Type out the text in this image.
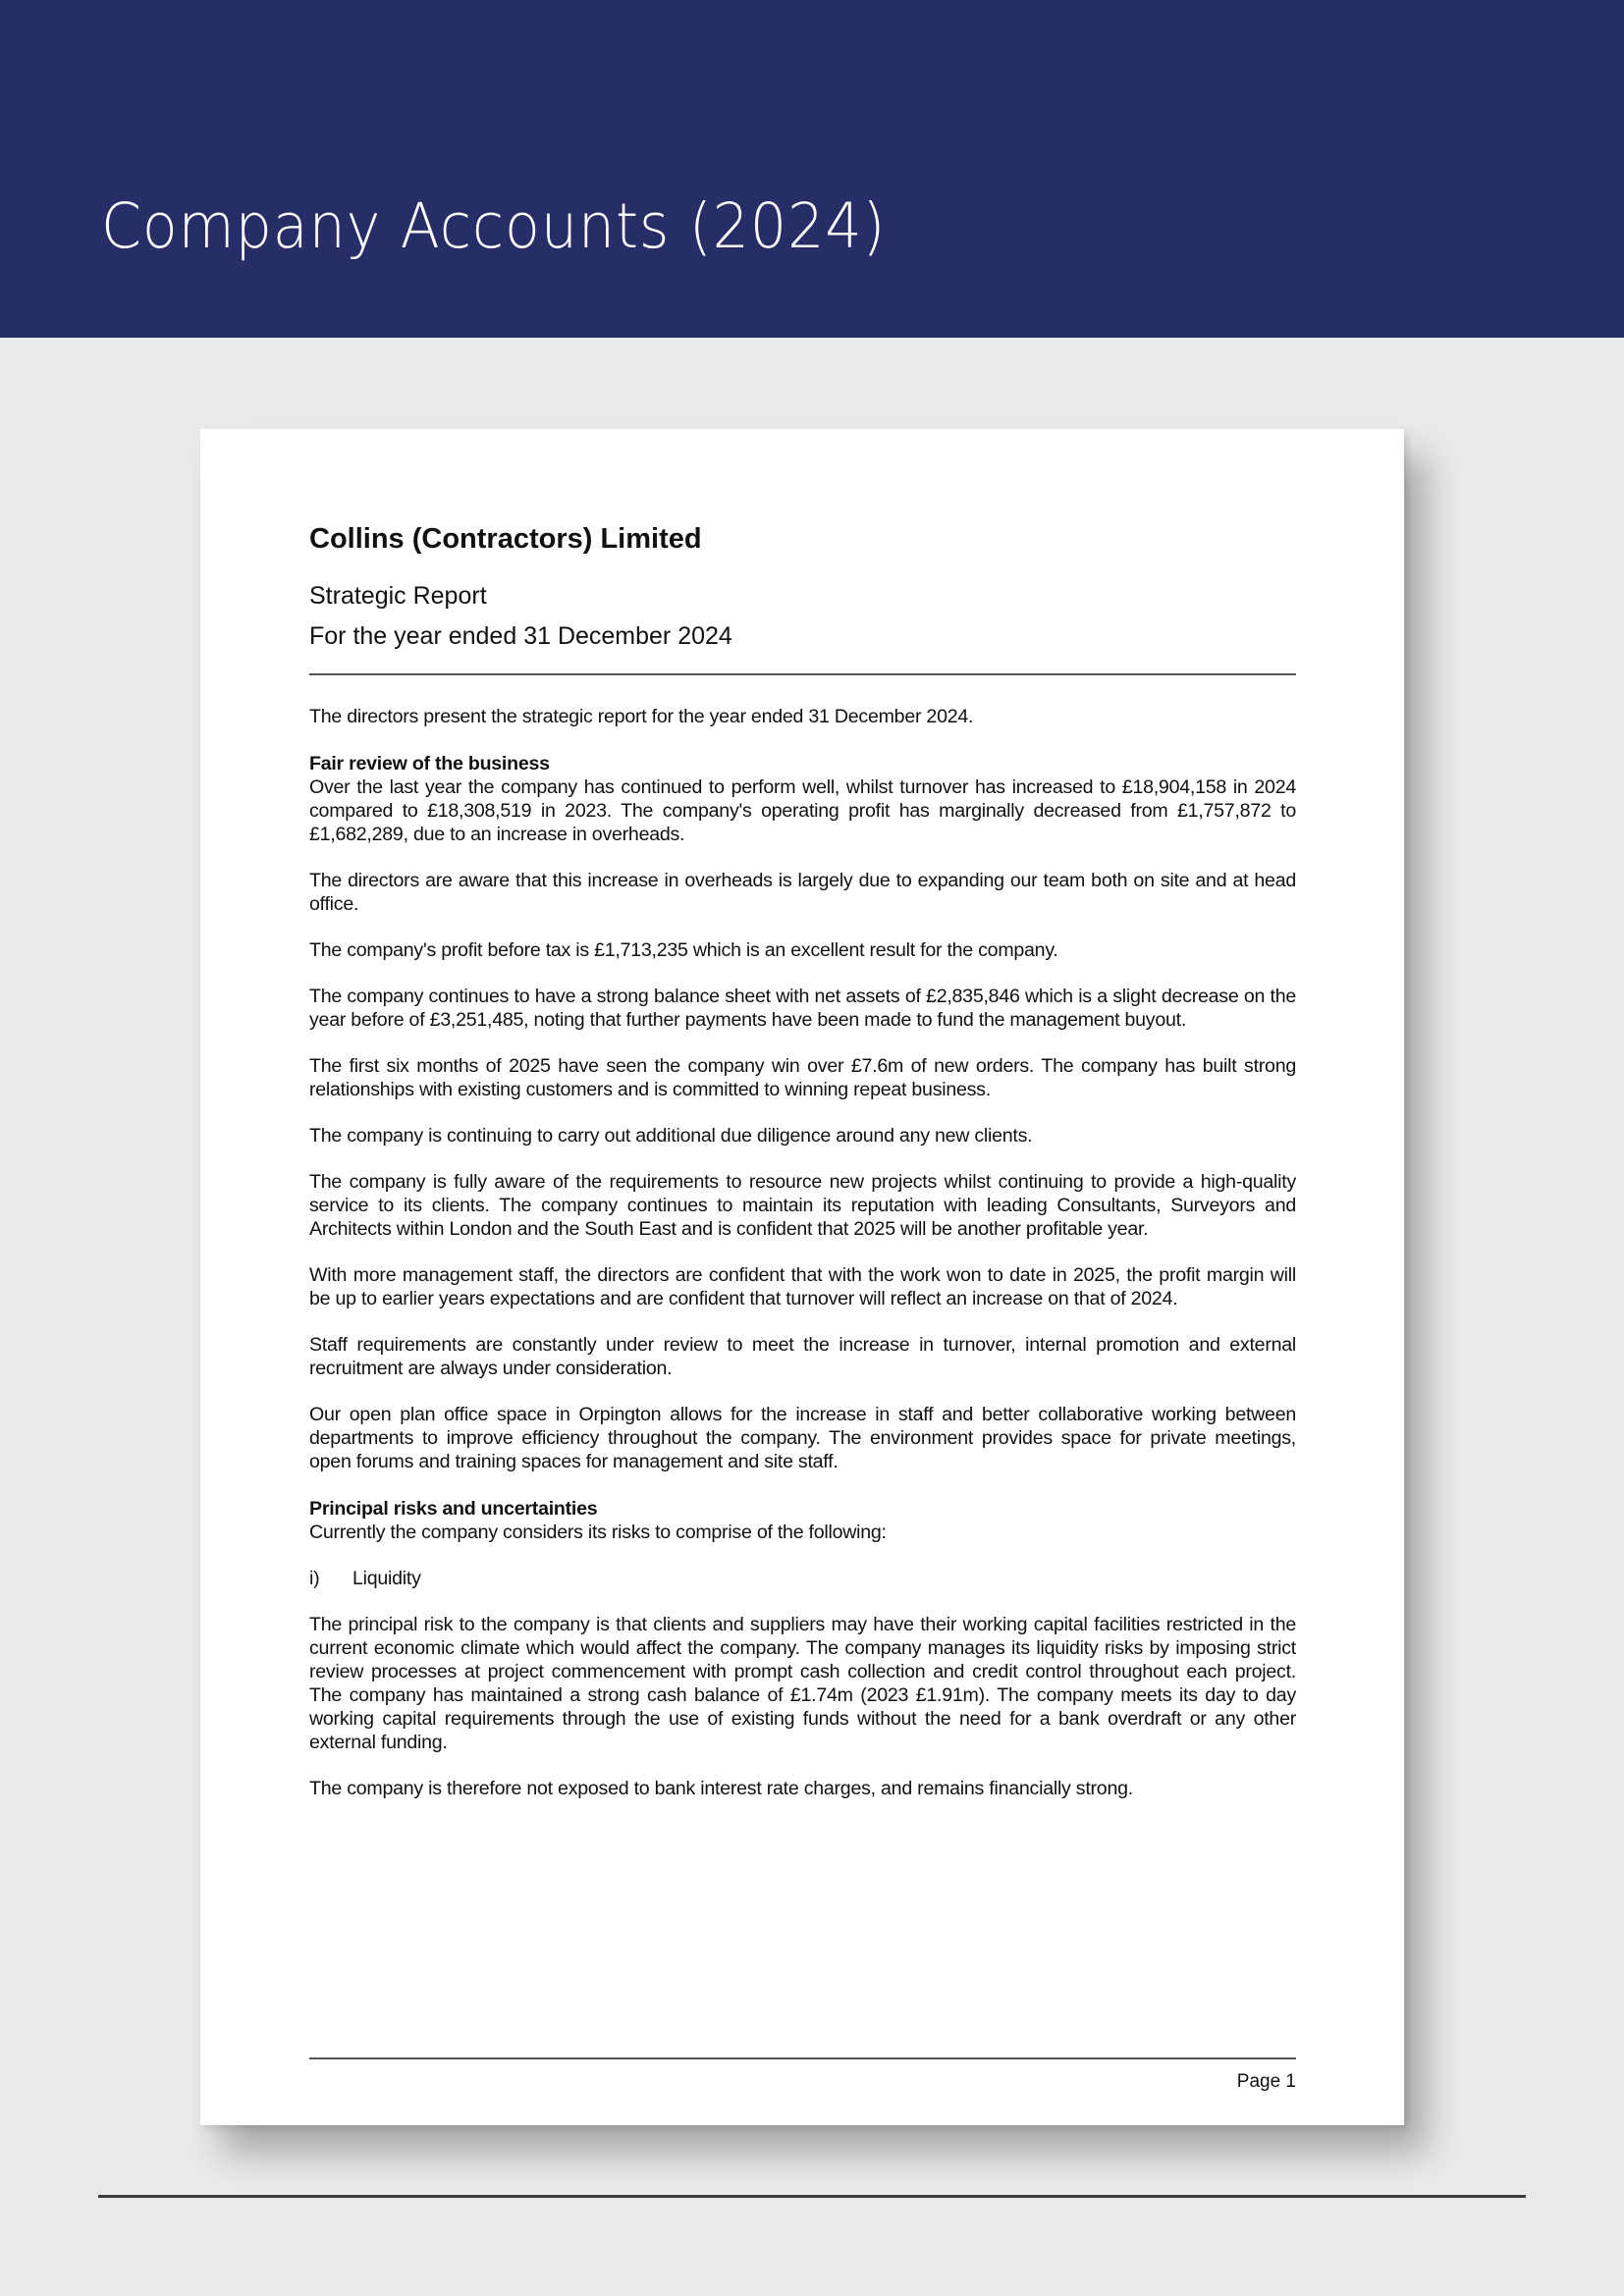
Company Accounts (2024)
Collins (Contractors) Limited
Strategic Report
For the year ended 31 December 2024

The directors present the strategic report for the year ended 31 December 2024.

Fair review of the business

Over the last year the company has continued to perform well, whilst turnover has increased to £18,904,158 in 2024 compared to £18,308,519 in 2023. The company's operating profit has marginally decreased from £1,757,872 to £1,682,289, due to an increase in overheads.

The directors are aware that this increase in overheads is largely due to expanding our team both on site and at head office.

The company's profit before tax is £1,713,235 which is an excellent result for the company.

The company continues to have a strong balance sheet with net assets of £2,835,846 which is a slight decrease on the year before of £3,251,485, noting that further payments have been made to fund the management buyout.

The first six months of 2025 have seen the company win over £7.6m of new orders. The company has built strong relationships with existing customers and is committed to winning repeat business.

The company is continuing to carry out additional due diligence around any new clients.

The company is fully aware of the requirements to resource new projects whilst continuing to provide a high-quality service to its clients. The company continues to maintain its reputation with leading Consultants, Surveyors and Architects within London and the South East and is confident that 2025 will be another profitable year.

With more management staff, the directors are confident that with the work won to date in 2025, the profit margin will be up to earlier years expectations and are confident that turnover will reflect an increase on that of 2024.

Staff requirements are constantly under review to meet the increase in turnover, internal promotion and external recruitment are always under consideration.

Our open plan office space in Orpington allows for the increase in staff and better collaborative working between departments to improve efficiency throughout the company. The environment provides space for private meetings, open forums and training spaces for management and site staff.

Principal risks and uncertainties

Currently the company considers its risks to comprise of the following:

i)	Liquidity

The principal risk to the company is that clients and suppliers may have their working capital facilities restricted in the current economic climate which would affect the company. The company manages its liquidity risks by imposing strict review processes at project commencement with prompt cash collection and credit control throughout each project. The company has maintained a strong cash balance of £1.74m (2023 £1.91m). The company meets its day to day working capital requirements through the use of existing funds without the need for a bank overdraft or any other external funding.

The company is therefore not exposed to bank interest rate charges, and remains financially strong.

Page 1
